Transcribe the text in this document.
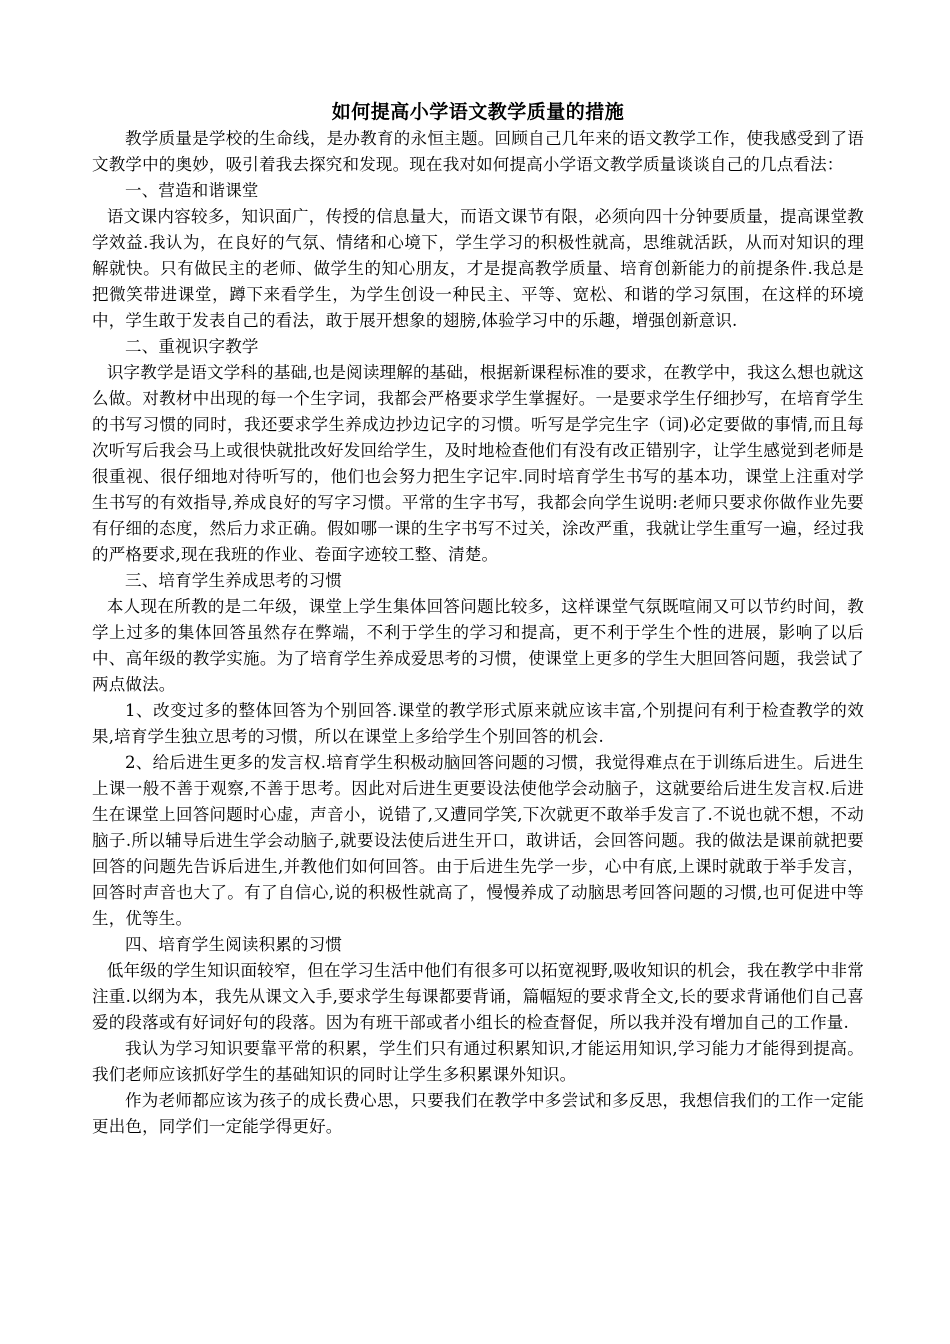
如何提高小学语文教学质量的措施

教学质量是学校的生命线，是办教育的永恒主题。回顾自己几年来的语文教学工作，使我感受到了语文教学中的奥妙，吸引着我去探究和发现。现在我对如何提高小学语文教学质量谈谈自己的几点看法：

一、营造和谐课堂

语文课内容较多，知识面广，传授的信息量大，而语文课节有限，必须向四十分钟要质量，提高课堂教学效益.我认为，在良好的气氛、情绪和心境下，学生学习的积极性就高，思维就活跃，从而对知识的理解就快。只有做民主的老师、做学生的知心朋友，才是提高教学质量、培育创新能力的前提条件.我总是把微笑带进课堂，蹲下来看学生，为学生创设一种民主、平等、宽松、和谐的学习氛围，在这样的环境中，学生敢于发表自己的看法，敢于展开想象的翅膀,体验学习中的乐趣，增强创新意识.

二、重视识字教学

识字教学是语文学科的基础,也是阅读理解的基础，根据新课程标准的要求，在教学中，我这么想也就这么做。对教材中出现的每一个生字词，我都会严格要求学生掌握好。一是要求学生仔细抄写，在培育学生的书写习惯的同时，我还要求学生养成边抄边记字的习惯。听写是学完生字（词)必定要做的事情,而且每次听写后我会马上或很快就批改好发回给学生，及时地检查他们有没有改正错别字，让学生感觉到老师是很重视、很仔细地对待听写的，他们也会努力把生字记牢.同时培育学生书写的基本功，课堂上注重对学生书写的有效指导,养成良好的写字习惯。平常的生字书写，我都会向学生说明:老师只要求你做作业先要有仔细的态度，然后力求正确。假如哪一课的生字书写不过关，涂改严重，我就让学生重写一遍，经过我的严格要求,现在我班的作业、卷面字迹较工整、清楚。

三、培育学生养成思考的习惯

本人现在所教的是二年级，课堂上学生集体回答问题比较多，这样课堂气氛既喧闹又可以节约时间，教学上过多的集体回答虽然存在弊端，不利于学生的学习和提高，更不利于学生个性的进展，影响了以后中、高年级的教学实施。为了培育学生养成爱思考的习惯，使课堂上更多的学生大胆回答问题，我尝试了两点做法。

1、改变过多的整体回答为个别回答.课堂的教学形式原来就应该丰富,个别提问有利于检查教学的效果,培育学生独立思考的习惯，所以在课堂上多给学生个别回答的机会.

2、给后进生更多的发言权.培育学生积极动脑回答问题的习惯，我觉得难点在于训练后进生。后进生上课一般不善于观察,不善于思考。因此对后进生更要设法使他学会动脑子，这就要给后进生发言权.后进生在课堂上回答问题时心虚，声音小，说错了,又遭同学笑,下次就更不敢举手发言了.不说也就不想，不动脑子.所以辅导后进生学会动脑子,就要设法使后进生开口，敢讲话，会回答问题。我的做法是课前就把要回答的问题先告诉后进生,并教他们如何回答。由于后进生先学一步，心中有底,上课时就敢于举手发言，回答时声音也大了。有了自信心,说的积极性就高了，慢慢养成了动脑思考回答问题的习惯,也可促进中等生，优等生。

四、培育学生阅读积累的习惯

低年级的学生知识面较窄，但在学习生活中他们有很多可以拓宽视野,吸收知识的机会，我在教学中非常注重.以纲为本，我先从课文入手,要求学生每课都要背诵，篇幅短的要求背全文,长的要求背诵他们自己喜爱的段落或有好词好句的段落。因为有班干部或者小组长的检查督促，所以我并没有增加自己的工作量.

我认为学习知识要靠平常的积累，学生们只有通过积累知识,才能运用知识,学习能力才能得到提高。我们老师应该抓好学生的基础知识的同时让学生多积累课外知识。

作为老师都应该为孩子的成长费心思，只要我们在教学中多尝试和多反思，我想信我们的工作一定能更出色，同学们一定能学得更好。
